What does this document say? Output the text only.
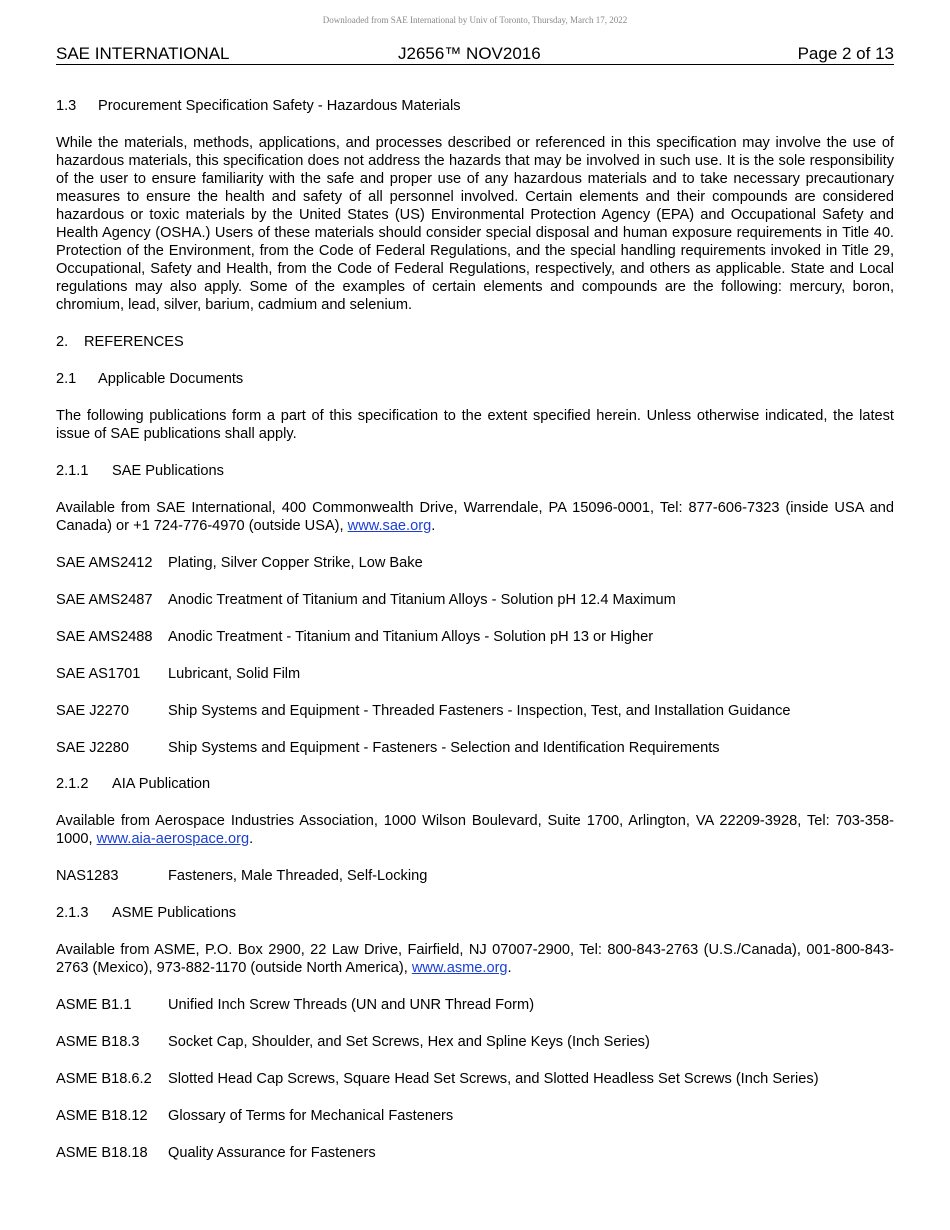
Downloaded from SAE International by Univ of Toronto, Thursday, March 17, 2022
SAE INTERNATIONAL	J2656™ NOV2016	Page 2 of 13

1.3 Procurement Specification Safety - Hazardous Materials

While the materials, methods, applications, and processes described or referenced in this specification may involve the use of hazardous materials, this specification does not address the hazards that may be involved in such use. It is the sole responsibility of the user to ensure familiarity with the safe and proper use of any hazardous materials and to take necessary precautionary measures to ensure the health and safety of all personnel involved. Certain elements and their compounds are considered hazardous or toxic materials by the United States (US) Environmental Protection Agency (EPA) and Occupational Safety and Health Agency (OSHA.) Users of these materials should consider special disposal and human exposure requirements in Title 40. Protection of the Environment, from the Code of Federal Regulations, and the special handling requirements invoked in Title 29, Occupational, Safety and Health, from the Code of Federal Regulations, respectively, and others as applicable. State and Local regulations may also apply. Some of the examples of certain elements and compounds are the following: mercury, boron, chromium, lead, silver, barium, cadmium and selenium.

2. REFERENCES

2.1 Applicable Documents

The following publications form a part of this specification to the extent specified herein. Unless otherwise indicated, the latest issue of SAE publications shall apply.

2.1.1 SAE Publications

Available from SAE International, 400 Commonwealth Drive, Warrendale, PA 15096-0001, Tel: 877-606-7323 (inside USA and Canada) or +1 724-776-4970 (outside USA), www.sae.org.

SAE AMS2412	Plating, Silver Copper Strike, Low Bake
SAE AMS2487	Anodic Treatment of Titanium and Titanium Alloys - Solution pH 12.4 Maximum
SAE AMS2488	Anodic Treatment - Titanium and Titanium Alloys - Solution pH 13 or Higher
SAE AS1701	Lubricant, Solid Film
SAE J2270	Ship Systems and Equipment - Threaded Fasteners - Inspection, Test, and Installation Guidance
SAE J2280	Ship Systems and Equipment - Fasteners - Selection and Identification Requirements

2.1.2 AIA Publication

Available from Aerospace Industries Association, 1000 Wilson Boulevard, Suite 1700, Arlington, VA 22209-3928, Tel: 703-358-1000, www.aia-aerospace.org.

NAS1283	Fasteners, Male Threaded, Self-Locking

2.1.3 ASME Publications

Available from ASME, P.O. Box 2900, 22 Law Drive, Fairfield, NJ 07007-2900, Tel: 800-843-2763 (U.S./Canada), 001-800-843-2763 (Mexico), 973-882-1170 (outside North America), www.asme.org.

ASME B1.1	Unified Inch Screw Threads (UN and UNR Thread Form)
ASME B18.3	Socket Cap, Shoulder, and Set Screws, Hex and Spline Keys (Inch Series)
ASME B18.6.2	Slotted Head Cap Screws, Square Head Set Screws, and Slotted Headless Set Screws (Inch Series)
ASME B18.12	Glossary of Terms for Mechanical Fasteners
ASME B18.18	Quality Assurance for Fasteners
